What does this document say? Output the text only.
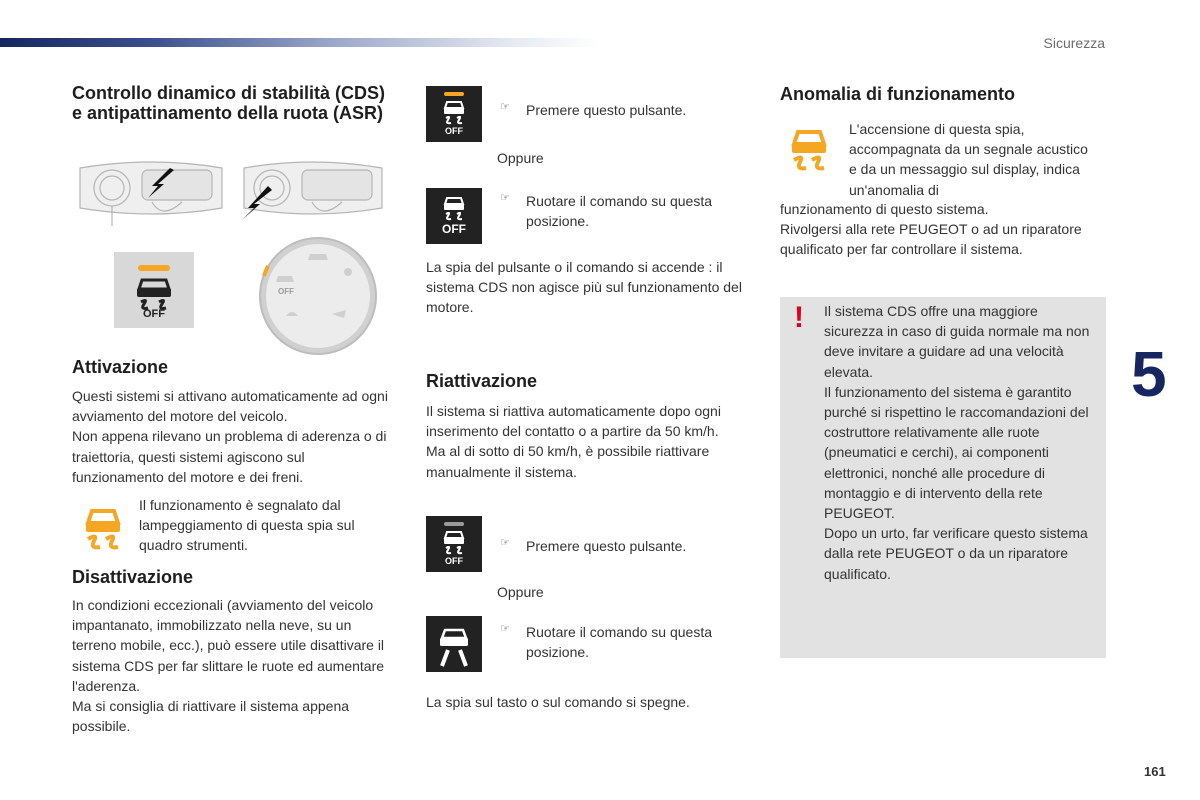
Sicurezza
5
161
Controllo dinamico di stabilità (CDS) e antipattinamento della ruota (ASR)
OFF
OFF
Attivazione

Questi sistemi si attivano automaticamente ad ogni avviamento del motore del veicolo.
Non appena rilevano un problema di aderenza o di traiettoria, questi sistemi agiscono sul funzionamento del motore e dei freni.

Il funzionamento è segnalato dal lampeggiamento di questa spia sul quadro strumenti.

Disattivazione

In condizioni eccezionali (avviamento del veicolo impantanato, immobilizzato nella neve, su un terreno mobile, ecc.), può essere utile disattivare il sistema CDS per far slittare le ruote ed aumentare l'aderenza.
Ma si consiglia di riattivare il sistema appena possibile.

OFF
☞	Premere questo pulsante.
Oppure
OFF
☞	Ruotare il comando su questa posizione.

La spia del pulsante o il comando si accende : il sistema CDS non agisce più sul funzionamento del motore.

Riattivazione

Il sistema si riattiva automaticamente dopo ogni inserimento del contatto o a partire da 50 km/h.
Ma al di sotto di 50 km/h, è possibile riattivare manualmente il sistema.

OFF
☞	Premere questo pulsante.
Oppure
☞	Ruotare il comando su questa posizione.

La spia sul tasto o sul comando si spegne.

Anomalia di funzionamento

L'accensione di questa spia, accompagnata da un segnale acustico e da un messaggio sul display, indica un'anomalia di

funzionamento di questo sistema.
Rivolgersi alla rete PEUGEOT o ad un riparatore qualificato per far controllare il sistema.

! Il sistema CDS offre una maggiore sicurezza in caso di guida normale ma non deve invitare a guidare ad una velocità elevata.
Il funzionamento del sistema è garantito purché si rispettino le raccomandazioni del costruttore relativamente alle ruote (pneumatici e cerchi), ai componenti elettronici, nonché alle procedure di montaggio e di intervento della rete PEUGEOT.
Dopo un urto, far verificare questo sistema dalla rete PEUGEOT o da un riparatore qualificato.
